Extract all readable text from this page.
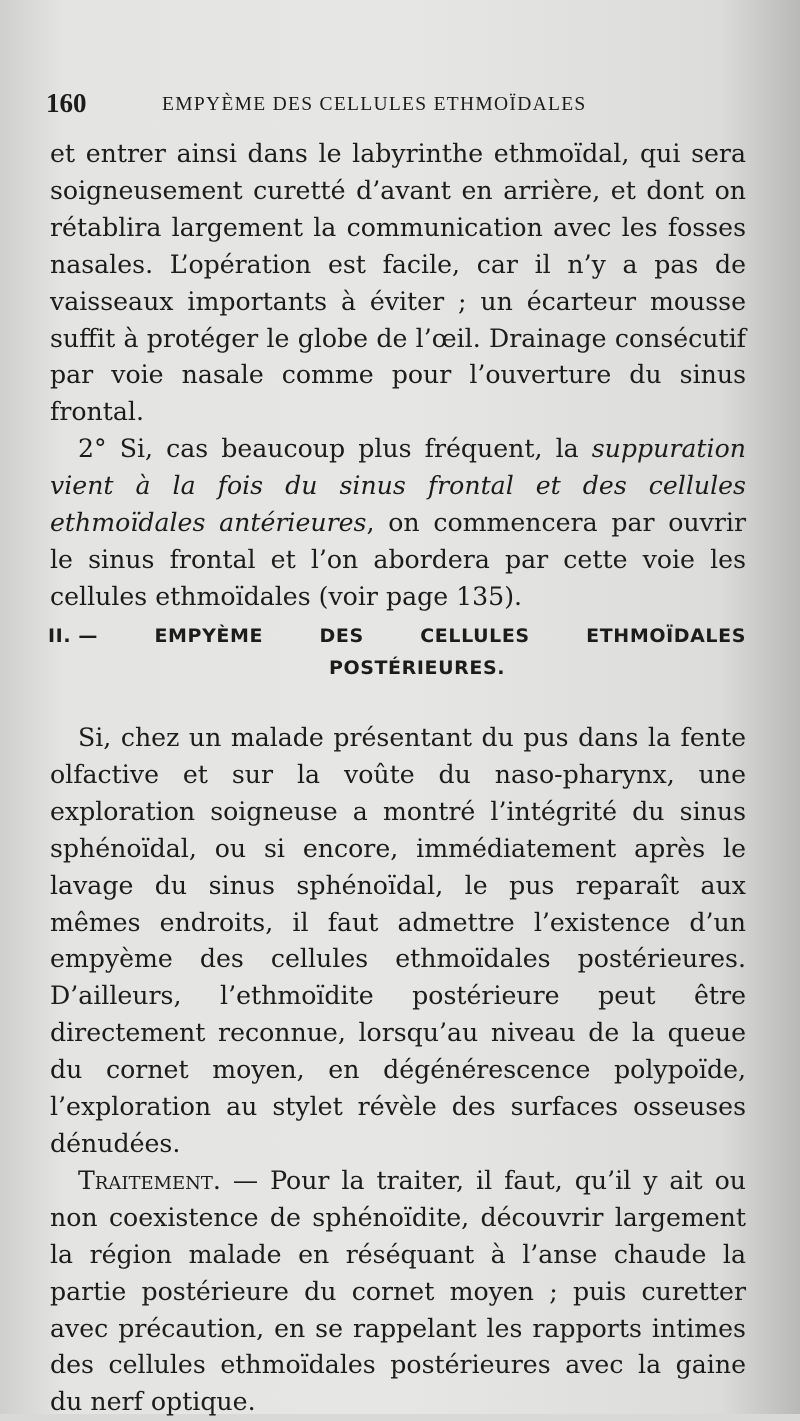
160	EMPYÈME DES CELLULES ETHMOÏDALES

et entrer ainsi dans le labyrinthe ethmoïdal, qui sera soigneusement curetté d’avant en arrière, et dont on rétablira largement la communication avec les fosses nasales. L’opération est facile, car il n’y a pas de vaisseaux importants à éviter ; un écarteur mousse suffit à protéger le globe de l’œil. Drainage consécutif par voie nasale comme pour l’ouverture du sinus frontal.

2° Si, cas beaucoup plus fréquent, la suppuration vient à la fois du sinus frontal et des cellules ethmoïdales antérieures, on commencera par ouvrir le sinus frontal et l’on abordera par cette voie les cellules ethmoïdales (voir page 135).

II. —	EMPYÈME	DES	CELLULES	ETHMOÏDALES
POSTÉRIEURES.

Si, chez un malade présentant du pus dans la fente olfactive et sur la voûte du naso-pharynx, une exploration soigneuse a montré l’intégrité du sinus sphénoïdal, ou si encore, immédiatement après le lavage du sinus sphénoïdal, le pus reparaît aux mêmes endroits, il faut admettre l’existence d’un empyème des cellules ethmoïdales postérieures. D’ailleurs, l’ethmoïdite postérieure peut être directement reconnue, lorsqu’au niveau de la queue du cornet moyen, en dégénérescence polypoïde, l’exploration au stylet révèle des surfaces osseuses dénudées.

Traitement. — Pour la traiter, il faut, qu’il y ait ou non coexistence de sphénoïdite, découvrir largement la région malade en réséquant à l’anse chaude la partie postérieure du cornet moyen ; puis curetter avec précaution, en se rappelant les rapports intimes des cellules ethmoïdales postérieures avec la gaine du nerf optique.
